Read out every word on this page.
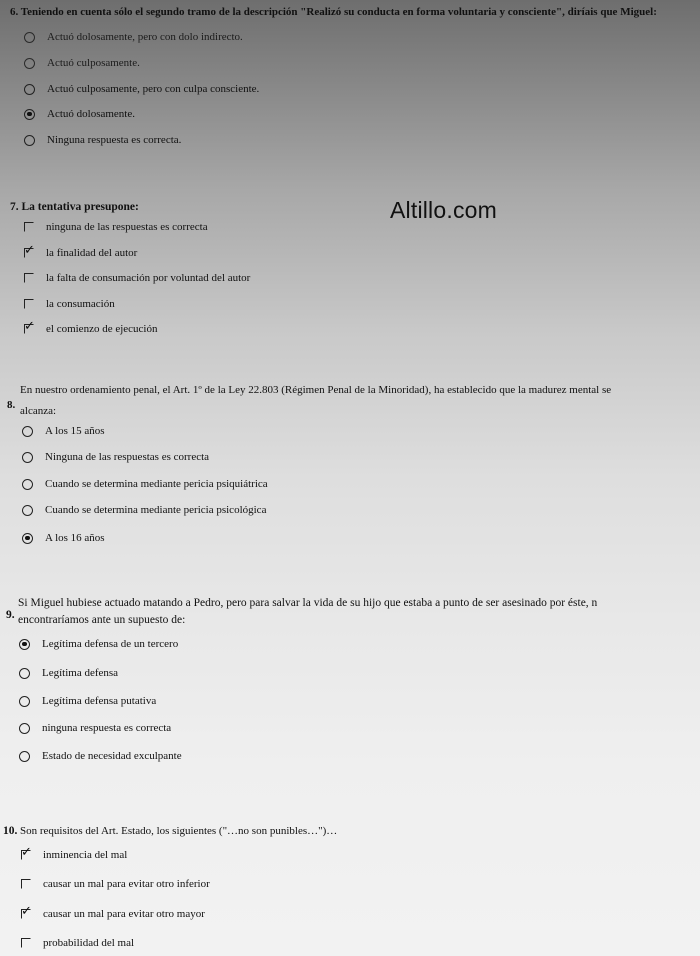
Altillo.com
6. Teniendo en cuenta sólo el segundo tramo de la descripción "Realizó su conducta en forma voluntaria y consciente", diríais que Miguel:
Actuó dolosamente, pero con dolo indirecto.
Actuó culposamente.
Actuó culposamente, pero con culpa consciente.
Actuó dolosamente.
Ninguna respuesta es correcta.
7. La tentativa presupone:
ninguna de las respuestas es correcta
✓
la finalidad del autor
la falta de consumación por voluntad del autor
la consumación
✓
el comienzo de ejecución
8.
En nuestro ordenamiento penal, el Art. 1º de la Ley 22.803 (Régimen Penal de la Minoridad), ha establecido que la madurez mental se
alcanza:
A los 15 años
Ninguna de las respuestas es correcta
Cuando se determina mediante pericia psiquiátrica
Cuando se determina mediante pericia psicológica
A los 16 años
9.
Si Miguel hubiese actuado matando a Pedro, pero para salvar la vida de su hijo que estaba a punto de ser asesinado por éste, n
encontraríamos ante un supuesto de:
Legítima defensa de un tercero
Legítima defensa
Legítima defensa putativa
ninguna respuesta es correcta
Estado de necesidad exculpante
10. Son requisitos del Art. Estado, los siguientes ("…no son punibles…")…
✓
inminencia del mal
causar un mal para evitar otro inferior
✓
causar un mal para evitar otro mayor
probabilidad del mal
